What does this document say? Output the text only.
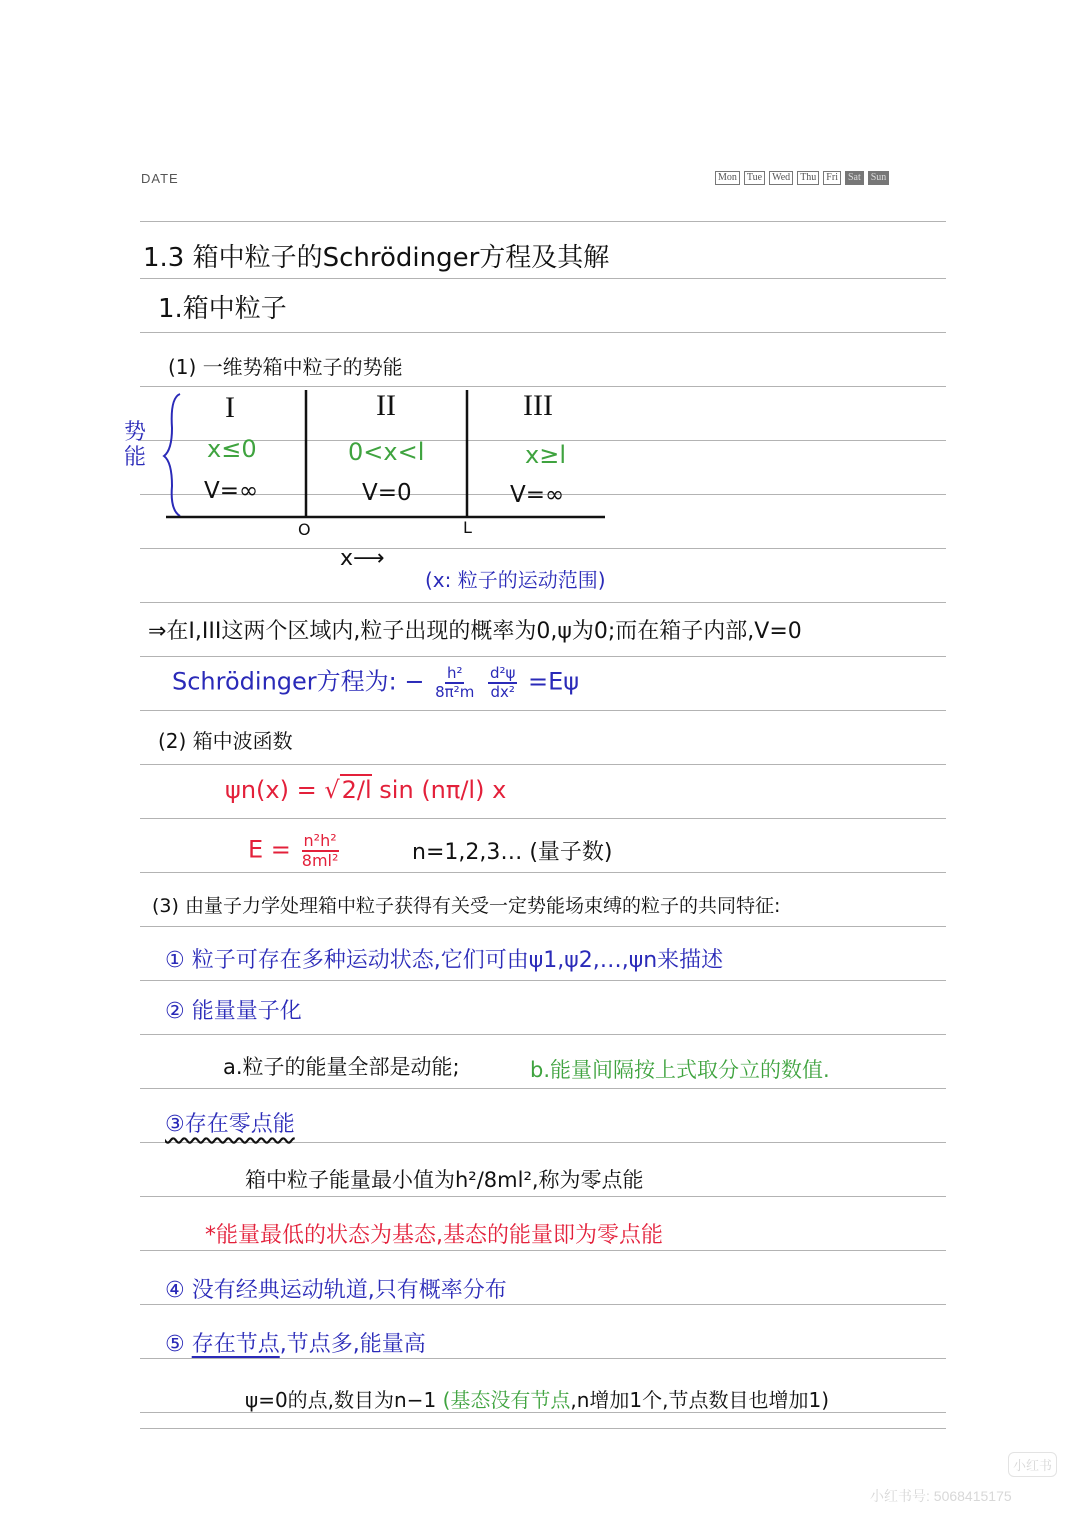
DATE	Mon	Tue	Wed	Thu	Fri	Sat	Sun
1.3 箱中粒子的Schrödinger方程及其解
1.箱中粒子
(1) 一维势箱中粒子的势能
势能
I	II	III
x≤0	0<x<l	x≥l
V=∞	V=0	V=∞
O	L
x⟶
(x: 粒子的运动范围)
⇒在I,III这两个区域内,粒子出现的概率为0,ψ为0;而在箱子内部,V=0
Schrödinger方程为: − $\frac{\text{h²}}{\text{8π²m}}$
$\frac{\text{d²ψ}}{\text{dx²}} =E\psi$
(2) 箱中波函数
ψn(x) = √2/l sin (nπ/l) x
$E = \frac{\text{n²h²}}{\text{8ml²}}$	n=1,2,3… (量子数)
(3) 由量子力学处理箱中粒子获得有关受一定势能场束缚的粒子的共同特征:
① 粒子可存在多种运动状态,它们可由ψ1,ψ2,…,ψn来描述
② 能量量子化
a.粒子的能量全部是动能;	b.能量间隔按上式取分立的数值.
③存在零点能
箱中粒子能量最小值为h²/8ml²,称为零点能
*能量最低的状态为基态,基态的能量即为零点能
④ 没有经典运动轨道,只有概率分布
⑤ 存在节点,节点多,能量高
ψ=0的点,数目为n−1 (基态没有节点,n增加1个,节点数目也增加1)
小红书
小红书号: 5068415175
